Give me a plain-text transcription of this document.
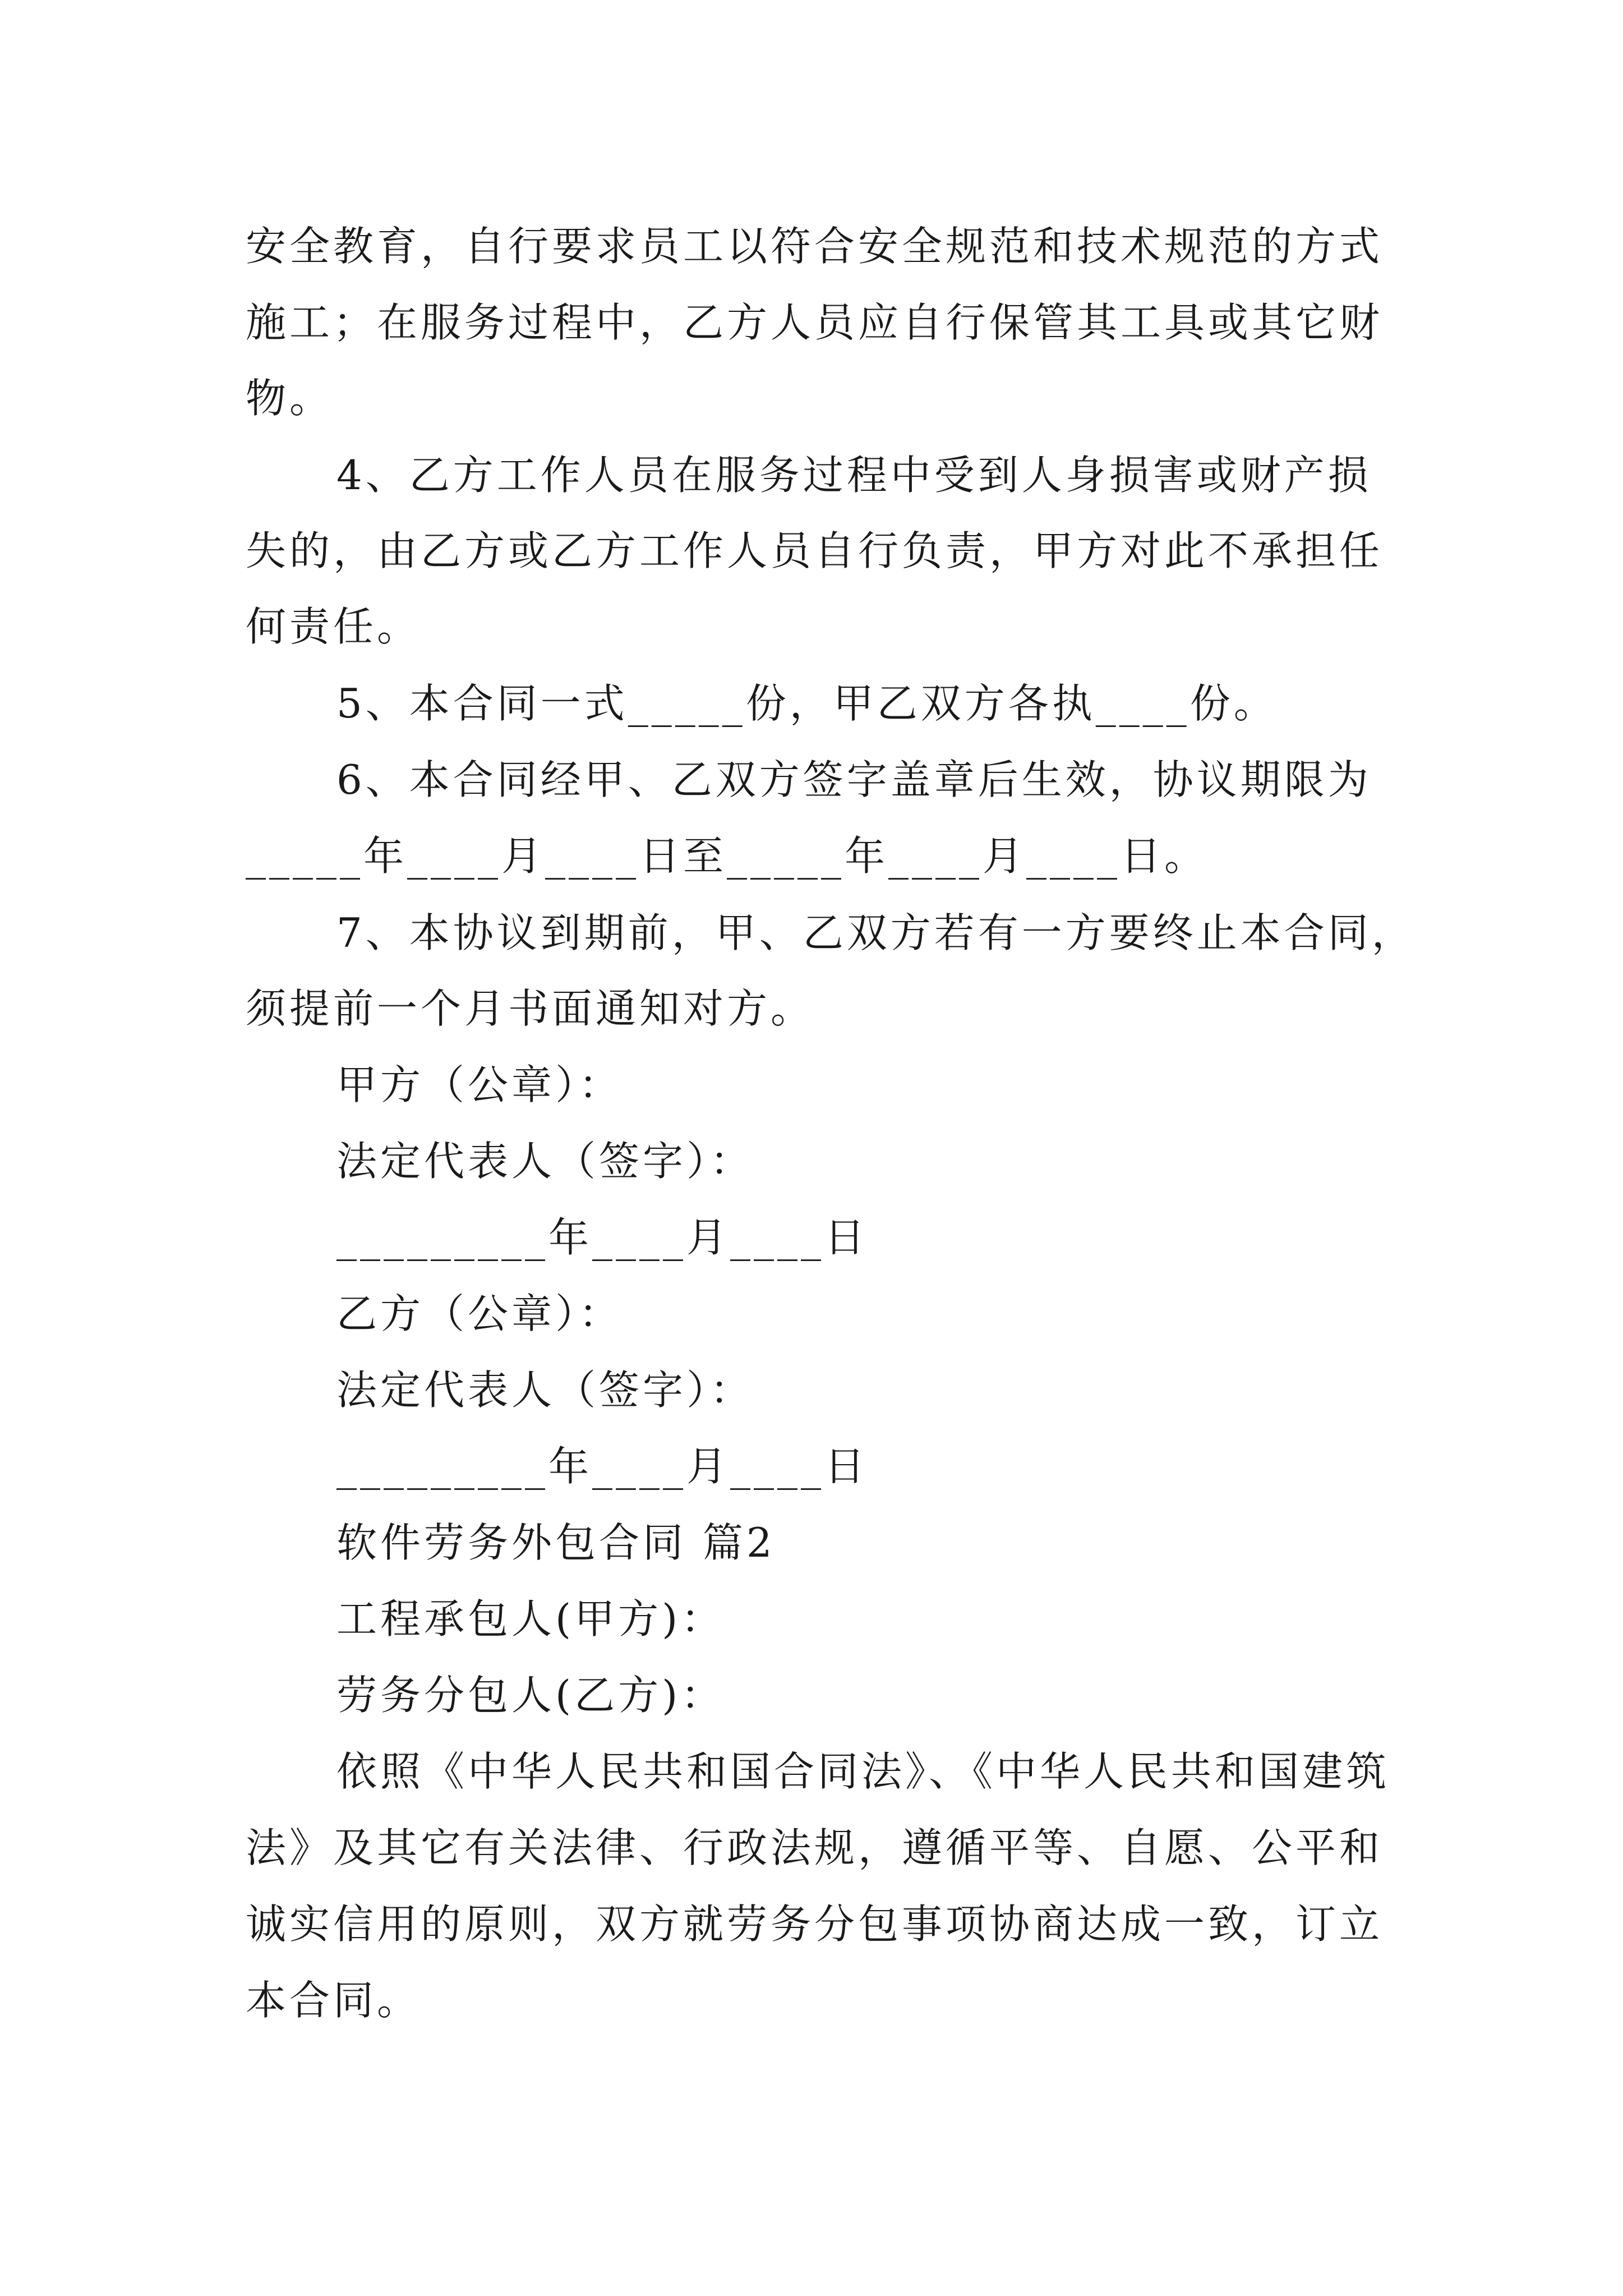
安全教育，自行要求员工以符合安全规范和技术规范的方式
施工；在服务过程中，乙方人员应自行保管其工具或其它财
物。
4、乙方工作人员在服务过程中受到人身损害或财产损
失的，由乙方或乙方工作人员自行负责，甲方对此不承担任
何责任。
5、本合同一式_____份，甲乙双方各执____份。
6、本合同经甲、乙双方签字盖章后生效，协议期限为
_____年____月____日至_____年____月____日。
7、本协议到期前，甲、乙双方若有一方要终止本合同，
须提前一个月书面通知对方。
甲方（公章）：
法定代表人（签字）：
_________年____月____日
乙方（公章）：
法定代表人（签字）：
_________年____月____日
软件劳务外包合同 篇2
工程承包人(甲方)：
劳务分包人(乙方)：
依照《中华人民共和国合同法》、《中华人民共和国建筑
法》及其它有关法律、行政法规，遵循平等、自愿、公平和
诚实信用的原则，双方就劳务分包事项协商达成一致，订立
本合同。
